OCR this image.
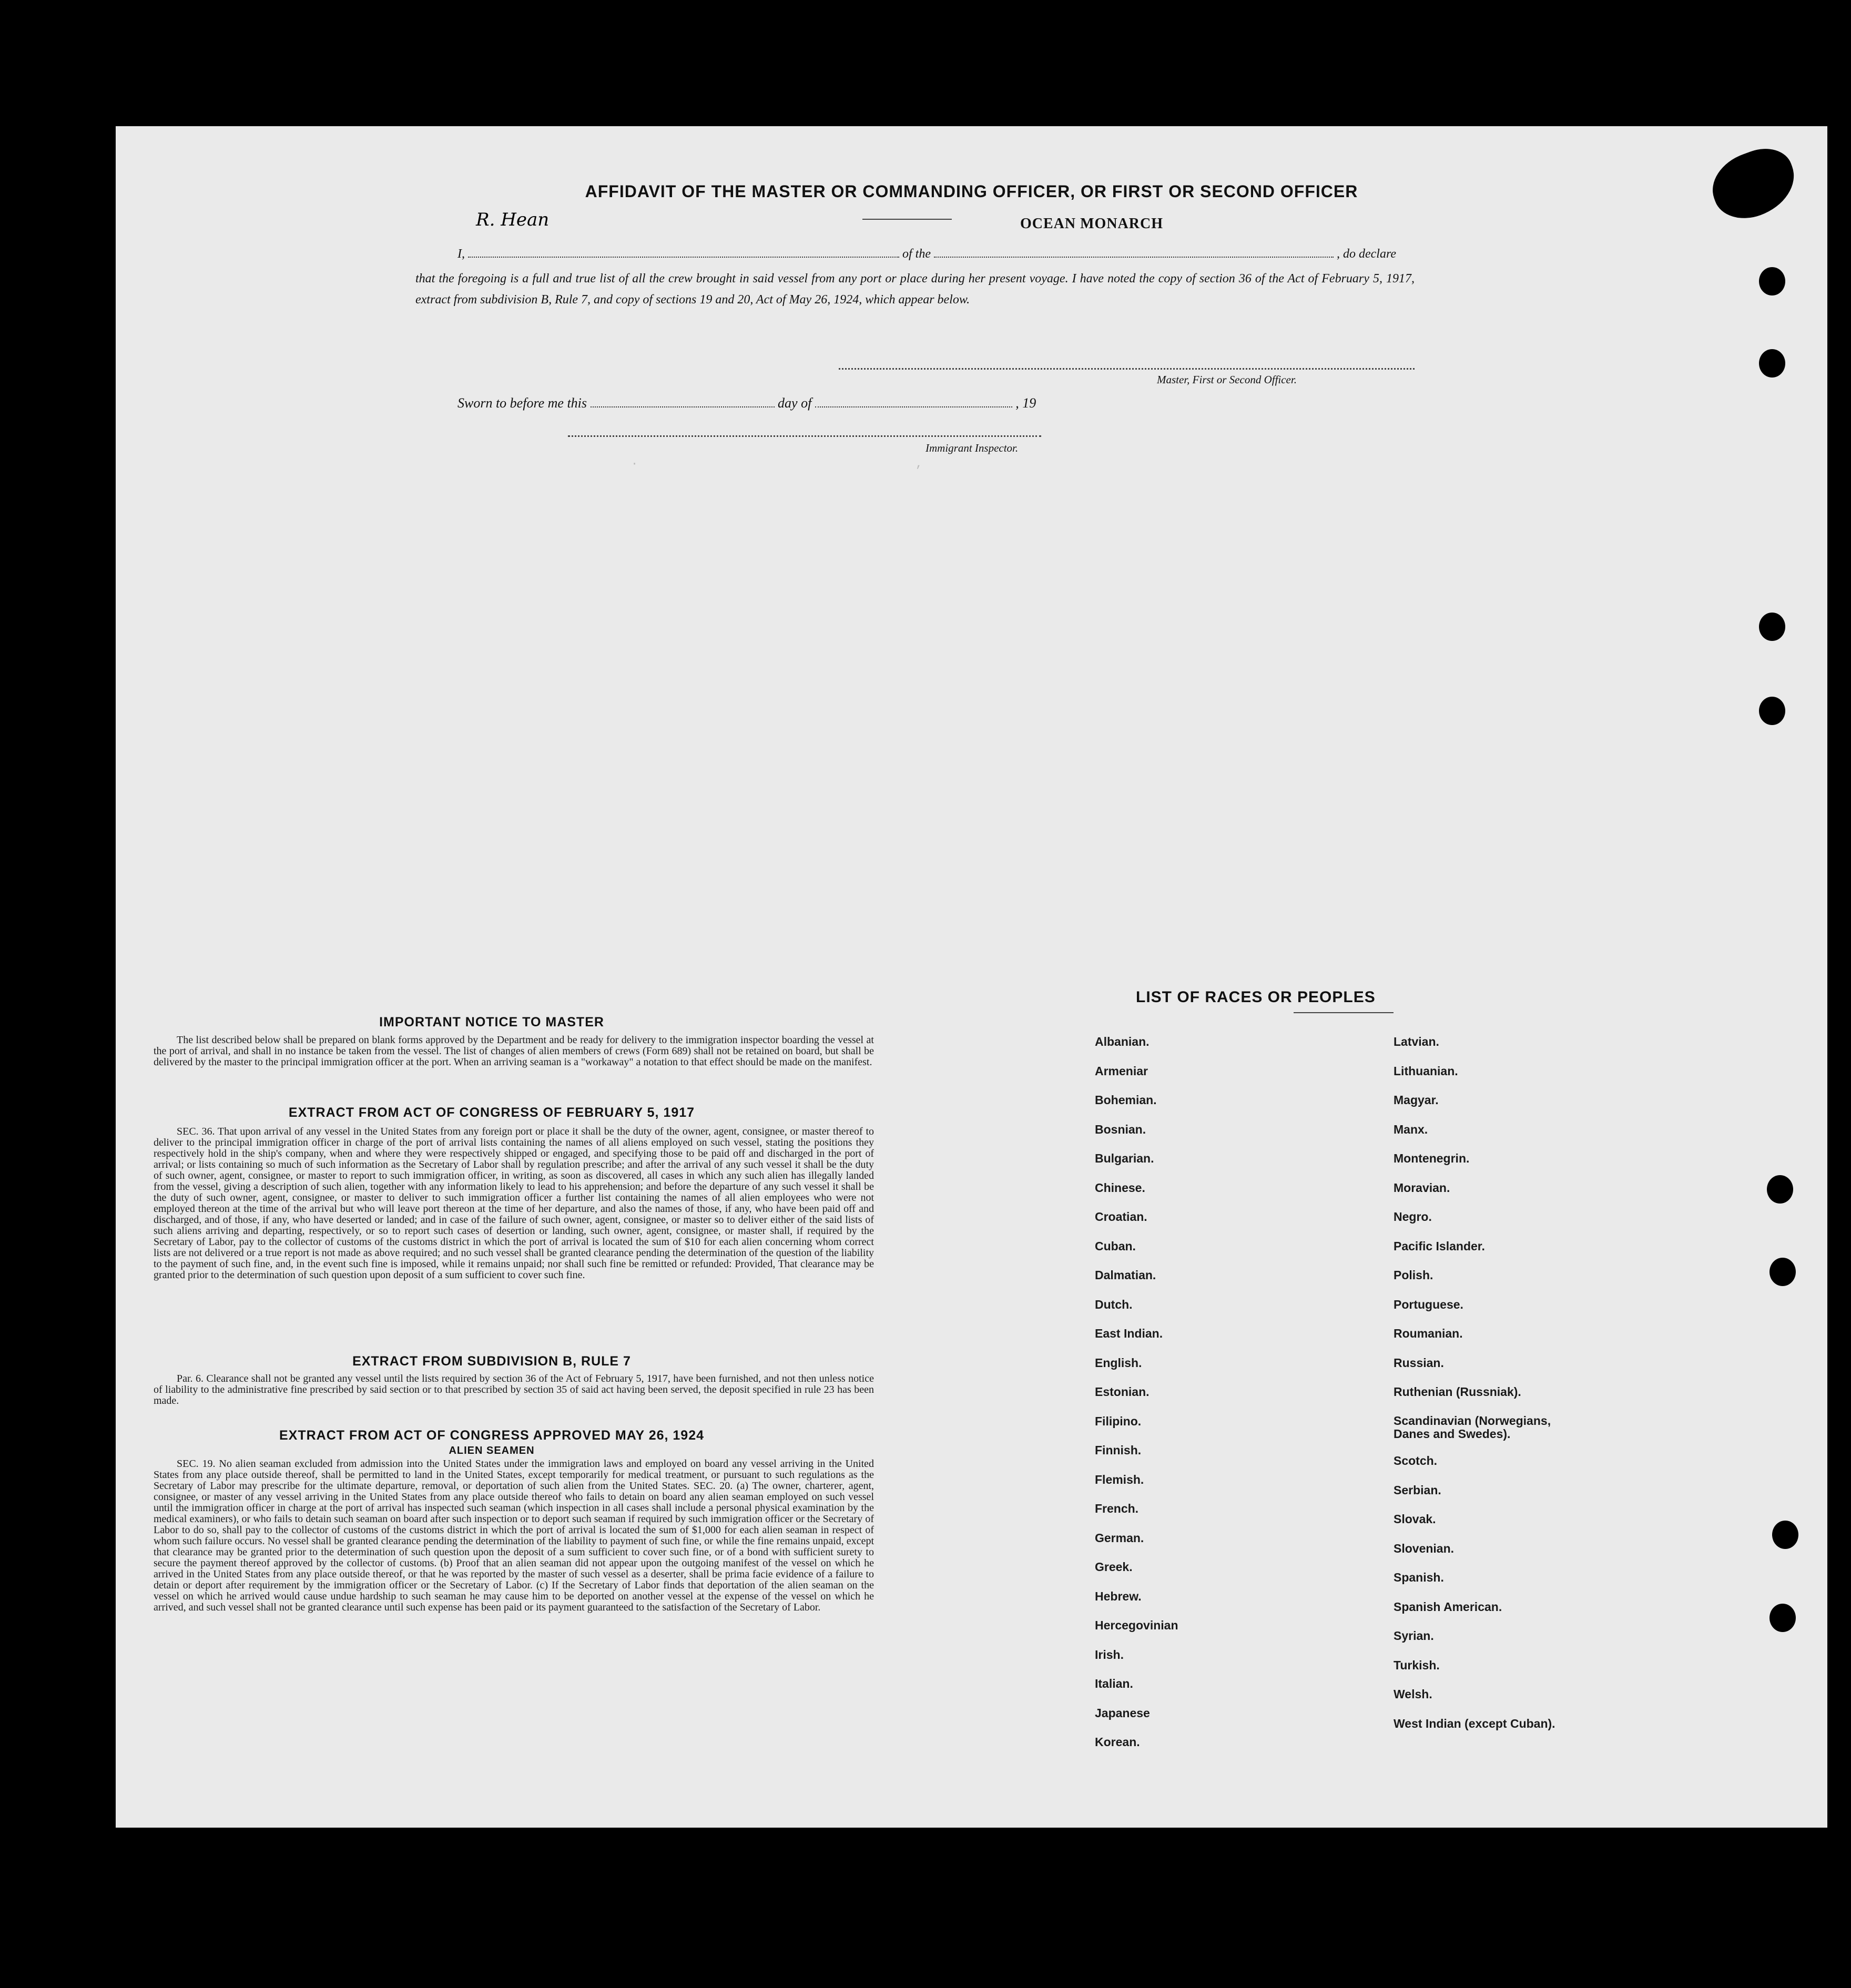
·                                        ,
AFFIDAVIT OF THE MASTER OR COMMANDING OFFICER, OR FIRST OR SECOND OFFICER
R. Hean
I,	of the	, do declare
OCEAN MONARCH
that the foregoing is a full and true list of all the crew brought in said vessel from any port or place during her present voyage. I have noted the copy of section 36 of the Act of February 5, 1917, extract from subdivision B, Rule 7, and copy of sections 19 and 20, Act of May 26, 1924, which appear below.
Master, First or Second Officer.
Sworn to before me this	day of	, 19
Immigrant Inspector.
IMPORTANT NOTICE TO MASTER
The list described below shall be prepared on blank forms approved by the Department and be ready for delivery to the immigration inspector boarding the vessel at the port of arrival, and shall in no instance be taken from the vessel. The list of changes of alien members of crews (Form 689) shall not be retained on board, but shall be delivered by the master to the principal immigration officer at the port. When an arriving seaman is a "workaway" a notation to that effect should be made on the manifest.
EXTRACT FROM ACT OF CONGRESS OF FEBRUARY 5, 1917
SEC. 36. That upon arrival of any vessel in the United States from any foreign port or place it shall be the duty of the owner, agent, consignee, or master thereof to deliver to the principal immigration officer in charge of the port of arrival lists containing the names of all aliens employed on such vessel, stating the positions they respectively hold in the ship's company, when and where they were respectively shipped or engaged, and specifying those to be paid off and discharged in the port of arrival; or lists containing so much of such information as the Secretary of Labor shall by regulation prescribe; and after the arrival of any such vessel it shall be the duty of such owner, agent, consignee, or master to report to such immigration officer, in writing, as soon as discovered, all cases in which any such alien has illegally landed from the vessel, giving a description of such alien, together with any information likely to lead to his apprehension; and before the departure of any such vessel it shall be the duty of such owner, agent, consignee, or master to deliver to such immigration officer a further list containing the names of all alien employees who were not employed thereon at the time of the arrival but who will leave port thereon at the time of her departure, and also the names of those, if any, who have been paid off and discharged, and of those, if any, who have deserted or landed; and in case of the failure of such owner, agent, consignee, or master so to deliver either of the said lists of such aliens arriving and departing, respectively, or so to report such cases of desertion or landing, such owner, agent, consignee, or master shall, if required by the Secretary of Labor, pay to the collector of customs of the customs district in which the port of arrival is located the sum of $10 for each alien concerning whom correct lists are not delivered or a true report is not made as above required; and no such vessel shall be granted clearance pending the determination of the question of the liability to the payment of such fine, and, in the event such fine is imposed, while it remains unpaid; nor shall such fine be remitted or refunded: Provided, That clearance may be granted prior to the determination of such question upon deposit of a sum sufficient to cover such fine.
EXTRACT FROM SUBDIVISION B, RULE 7
Par. 6. Clearance shall not be granted any vessel until the lists required by section 36 of the Act of February 5, 1917, have been furnished, and not then unless notice of liability to the administrative fine prescribed by said section or to that prescribed by section 35 of said act having been served, the deposit specified in rule 23 has been made.
EXTRACT FROM ACT OF CONGRESS APPROVED MAY 26, 1924
ALIEN SEAMEN
SEC. 19. No alien seaman excluded from admission into the United States under the immigration laws and employed on board any vessel arriving in the United States from any place outside thereof, shall be permitted to land in the United States, except temporarily for medical treatment, or pursuant to such regulations as the Secretary of Labor may prescribe for the ultimate departure, removal, or deportation of such alien from the United States. SEC. 20. (a) The owner, charterer, agent, consignee, or master of any vessel arriving in the United States from any place outside thereof who fails to detain on board any alien seaman employed on such vessel until the immigration officer in charge at the port of arrival has inspected such seaman (which inspection in all cases shall include a personal physical examination by the medical examiners), or who fails to detain such seaman on board after such inspection or to deport such seaman if required by such immigration officer or the Secretary of Labor to do so, shall pay to the collector of customs of the customs district in which the port of arrival is located the sum of $1,000 for each alien seaman in respect of whom such failure occurs. No vessel shall be granted clearance pending the determination of the liability to payment of such fine, or while the fine remains unpaid, except that clearance may be granted prior to the determination of such question upon the deposit of a sum sufficient to cover such fine, or of a bond with sufficient surety to secure the payment thereof approved by the collector of customs. (b) Proof that an alien seaman did not appear upon the outgoing manifest of the vessel on which he arrived in the United States from any place outside thereof, or that he was reported by the master of such vessel as a deserter, shall be prima facie evidence of a failure to detain or deport after requirement by the immigration officer or the Secretary of Labor. (c) If the Secretary of Labor finds that deportation of the alien seaman on the vessel on which he arrived would cause undue hardship to such seaman he may cause him to be deported on another vessel at the expense of the vessel on which he arrived, and such vessel shall not be granted clearance until such expense has been paid or its payment guaranteed to the satisfaction of the Secretary of Labor.
LIST OF RACES OR PEOPLES
Albanian.
Armeniar
Bohemian.
Bosnian.
Bulgarian.
Chinese.
Croatian.
Cuban.
Dalmatian.
Dutch.
East Indian.
English.
Estonian.
Filipino.
Finnish.
Flemish.
French.
German.
Greek.
Hebrew.
Hercegovinian
Irish.
Italian.
Japanese
Korean.
Latvian.
Lithuanian.
Magyar.
Manx.
Montenegrin.
Moravian.
Negro.
Pacific Islander.
Polish.
Portuguese.
Roumanian.
Russian.
Ruthenian (Russniak).
Scandinavian (Norwegians, Danes and Swedes).
Scotch.
Serbian.
Slovak.
Slovenian.
Spanish.
Spanish American.
Syrian.
Turkish.
Welsh.
West Indian (except Cuban).
